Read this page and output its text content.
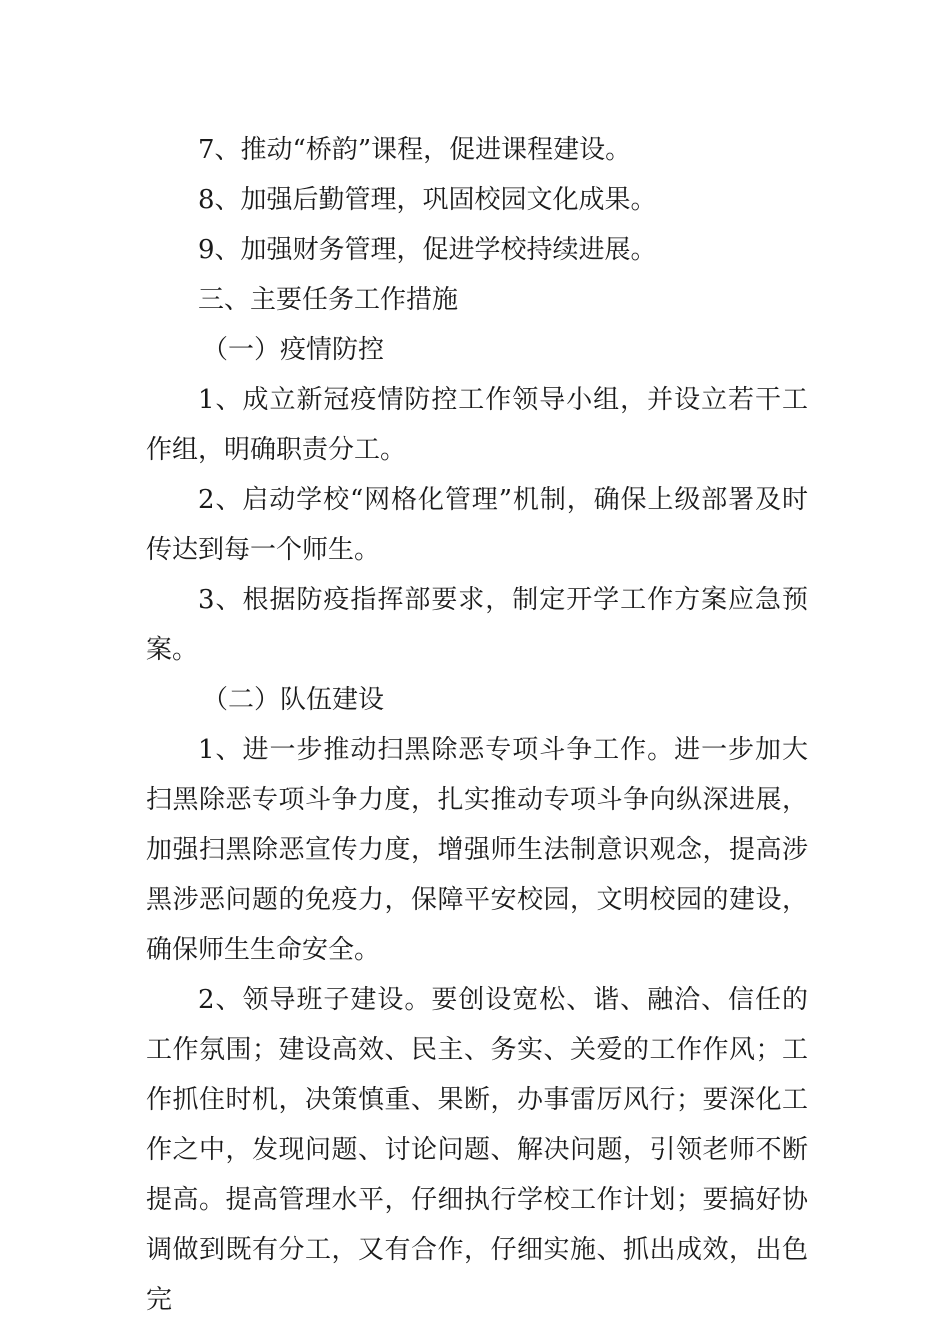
7、推动“桥韵”课程，促进课程建设。

8、加强后勤管理，巩固校园文化成果。

9、加强财务管理，促进学校持续进展。

三、主要任务工作措施

（一）疫情防控

1、成立新冠疫情防控工作领导小组，并设立若干工作组，明确职责分工。

2、启动学校“网格化管理”机制，确保上级部署及时传达到每一个师生。

3、根据防疫指挥部要求，制定开学工作方案应急预案。

（二）队伍建设

1、进一步推动扫黑除恶专项斗争工作。进一步加大扫黑除恶专项斗争力度，扎实推动专项斗争向纵深进展，加强扫黑除恶宣传力度，增强师生法制意识观念，提高涉黑涉恶问题的免疫力，保障平安校园，文明校园的建设，确保师生生命安全。

2、领导班子建设。要创设宽松、谐、融洽、信任的工作氛围；建设高效、民主、务实、关爱的工作作风；工作抓住时机，决策慎重、果断，办事雷厉风行；要深化工作之中，发现问题、讨论问题、解决问题，引领老师不断提高。提高管理水平，仔细执行学校工作计划；要搞好协调做到既有分工，又有合作，仔细实施、抓出成效，出色完
